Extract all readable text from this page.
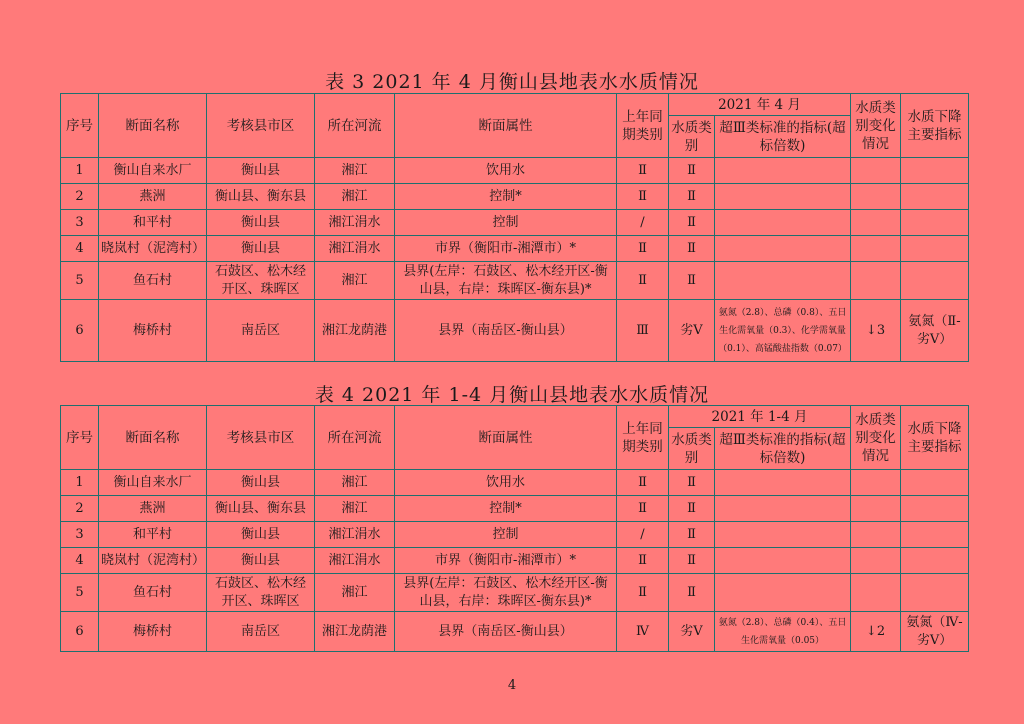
表 3 2021 年 4 月衡山县地表水水质情况
序号	断面名称	考核县市区	所在河流	断面属性	上年同期类别	2021 年 4 月		水质类别变化情况	水质下降主要指标
						水质类别	超Ⅲ类标准的指标(超标倍数)		
1	衡山自来水厂	衡山县	湘江	饮用水	Ⅱ	Ⅱ			
2	燕洲	衡山县、衡东县	湘江	控制*	Ⅱ	Ⅱ			
3	和平村	衡山县	湘江涓水	控制	/	Ⅱ			
4	晓岚村（泥湾村）	衡山县	湘江涓水	市界（衡阳市-湘潭市）*	Ⅱ	Ⅱ			
5	鱼石村	石鼓区、松木经开区、珠晖区	湘江	县界(左岸：石鼓区、松木经开区-衡山县，右岸：珠晖区-衡东县)*	Ⅱ	Ⅱ			
6	梅桥村	南岳区	湘江龙荫港	县界（南岳区-衡山县）	Ⅲ	劣Ⅴ	氨氮（2.8）、总磷（0.8）、五日生化需氧量（0.3）、化学需氧量（0.1）、高锰酸盐指数（0.07）	↓3	氨氮（Ⅱ-劣Ⅴ）
表 4 2021 年 1-4 月衡山县地表水水质情况
序号	断面名称	考核县市区	所在河流	断面属性	上年同期类别	2021 年 1-4 月		水质类别变化情况	水质下降主要指标
						水质类别	超Ⅲ类标准的指标(超标倍数)		
1	衡山自来水厂	衡山县	湘江	饮用水	Ⅱ	Ⅱ			
2	燕洲	衡山县、衡东县	湘江	控制*	Ⅱ	Ⅱ			
3	和平村	衡山县	湘江涓水	控制	/	Ⅱ			
4	晓岚村（泥湾村）	衡山县	湘江涓水	市界（衡阳市-湘潭市）*	Ⅱ	Ⅱ			
5	鱼石村	石鼓区、松木经开区、珠晖区	湘江	县界(左岸：石鼓区、松木经开区-衡山县，右岸：珠晖区-衡东县)*	Ⅱ	Ⅱ			
6	梅桥村	南岳区	湘江龙荫港	县界（南岳区-衡山县）	Ⅳ	劣Ⅴ	氨氮（2.8）、总磷（0.4）、五日生化需氧量（0.05）	↓2	氨氮（Ⅳ-劣Ⅴ）
4
